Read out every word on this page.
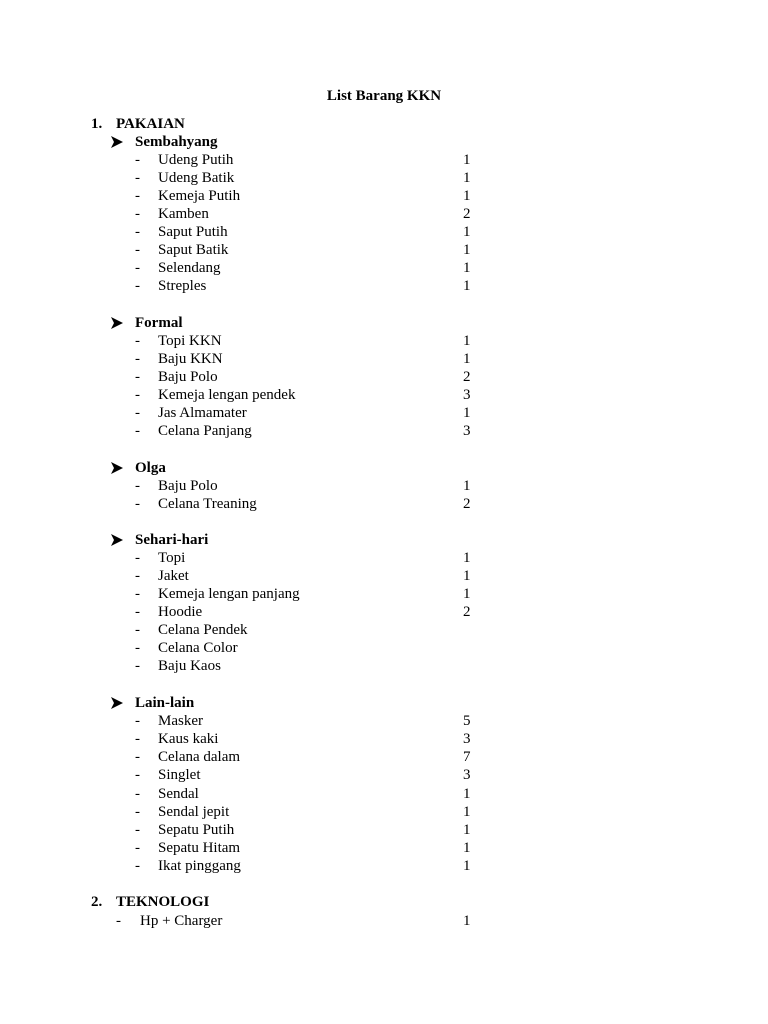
List Barang KKN
1. PAKAIAN
Sembahyang
- Udeng Putih	1
- Udeng Batik	1
- Kemeja Putih	1
- Kamben	2
- Saput Putih	1
- Saput Batik	1
- Selendang	1
- Streples	1
Formal
- Topi KKN	1
- Baju KKN	1
- Baju Polo	2
- Kemeja lengan pendek	3
- Jas Almamater	1
- Celana Panjang	3
Olga
- Baju Polo	1
- Celana Treaning	2
Sehari-hari
- Topi	1
- Jaket	1
- Kemeja lengan panjang	1
- Hoodie	2
- Celana Pendek
- Celana Color
- Baju Kaos
Lain-lain
- Masker	5
- Kaus kaki	3
- Celana dalam	7
- Singlet	3
- Sendal	1
- Sendal jepit	1
- Sepatu Putih	1
- Sepatu Hitam	1
- Ikat pinggang	1
2. TEKNOLOGI
- Hp + Charger	1
